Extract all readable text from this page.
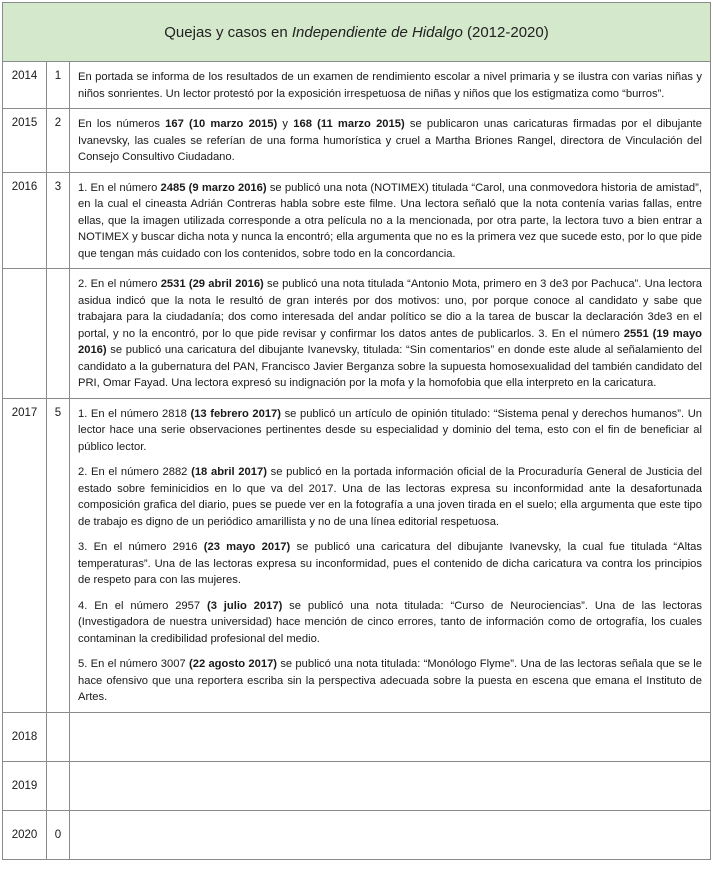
Quejas y casos en Independiente de Hidalgo (2012-2020)		
2014	1	En portada se informa de los resultados de un examen de rendimiento escolar a nivel primaria y se ilustra con varias niñas y niños sonrientes. Un lector protestó por la exposición irrespetuosa de niñas y niños que los estigmatiza como “burros”.

2015	2	En los números 167 (10 marzo 2015) y 168 (11 marzo 2015) se publicaron unas caricaturas firmadas por el dibujante Ivanevsky, las cuales se referían de una forma humorística y cruel a Martha Briones Rangel, directora de Vinculación del Consejo Consultivo Ciudadano.

2016	3	1. En el número 2485 (9 marzo 2016) se publicó una nota (NOTIMEX) titulada “Carol, una conmovedora historia de amistad”, en la cual el cineasta Adrián Contreras habla sobre este filme. Una lectora señaló que la nota contenía varias fallas, entre ellas, que la imagen utilizada corresponde a otra película no a la mencionada, por otra parte, la lectora tuvo a bien entrar a NOTIMEX y buscar dicha nota y nunca la encontró; ella argumenta que no es la primera vez que sucede esto, por lo que pide que tengan más cuidado con los contenidos, sobre todo en la concordancia.

		2. En el número 2531 (29 abril 2016) se publicó una nota titulada “Antonio Mota, primero en 3 de3 por Pachuca”. Una lectora asidua indicó que la nota le resultó de gran interés por dos motivos: uno, por porque conoce al candidato y sabe que trabajara para la ciudadanía; dos como interesada del andar político se dio a la tarea de buscar la declaración 3de3 en el portal, y no la encontró, por lo que pide revisar y confirmar los datos antes de publicarlos. 3. En el número 2551 (19 mayo 2016) se publicó una caricatura del dibujante Ivanevsky, titulada: “Sin comentarios” en donde este alude al señalamiento del candidato a la gubernatura del PAN, Francisco Javier Berganza sobre la supuesta homosexualidad del también candidato del PRI, Omar Fayad. Una lectora expresó su indignación por la mofa y la homofobia que ella interpreto en la caricatura.

2017	5	1. En el número 2818 (13 febrero 2017) se publicó un artículo de opinión titulado: “Sistema penal y derechos humanos”. Un lector hace una serie observaciones pertinentes desde su especialidad y dominio del tema, esto con el fin de beneficiar al público lector.

2. En el número 2882 (18 abril 2017) se publicó en la portada información oficial de la Procuraduría General de Justicia del estado sobre feminicidios en lo que va del 2017. Una de las lectoras expresa su inconformidad ante la desafortunada composición grafica del diario, pues se puede ver en la fotografía a una joven tirada en el suelo; ella argumenta que este tipo de trabajo es digno de un periódico amarillista y no de una línea editorial respetuosa.

3. En el número 2916 (23 mayo 2017) se publicó una caricatura del dibujante Ivanevsky, la cual fue titulada “Altas temperaturas”. Una de las lectoras expresa su inconformidad, pues el contenido de dicha caricatura va contra los principios de respeto para con las mujeres.

4. En el número 2957 (3 julio 2017) se publicó una nota titulada: “Curso de Neurociencias”. Una de las lectoras (Investigadora de nuestra universidad) hace mención de cinco errores, tanto de información como de ortografía, los cuales contaminan la credibilidad profesional del medio.

5. En el número 3007 (22 agosto 2017) se publicó una nota titulada: “Monólogo Flyme”. Una de las lectoras señala que se le hace ofensivo que una reportera escriba sin la perspectiva adecuada sobre la puesta en escena que emana el Instituto de Artes.

2018		
2019		
2020	0	
